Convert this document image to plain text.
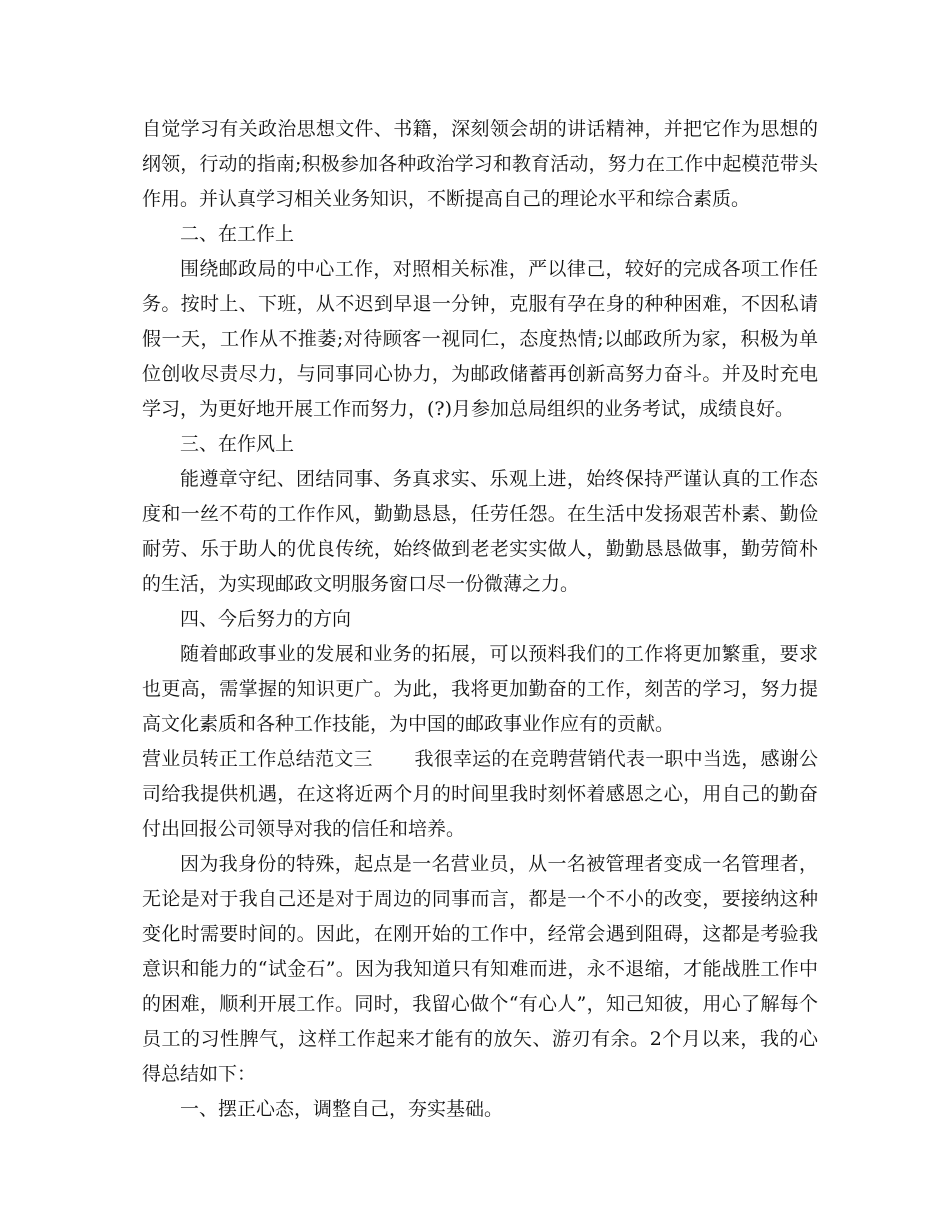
自觉学习有关政治思想文件、书籍，深刻领会胡的讲话精神，并把它作为思想的纲领，行动的指南;积极参加各种政治学习和教育活动，努力在工作中起模范带头作用。并认真学习相关业务知识，不断提高自己的理论水平和综合素质。

二、在工作上

围绕邮政局的中心工作，对照相关标准，严以律己，较好的完成各项工作任务。按时上、下班，从不迟到早退一分钟，克服有孕在身的种种困难，不因私请假一天，工作从不推萎;对待顾客一视同仁，态度热情;以邮政所为家，积极为单位创收尽责尽力，与同事同心协力，为邮政储蓄再创新高努力奋斗。并及时充电学习，为更好地开展工作而努力，(?)月参加总局组织的业务考试，成绩良好。

三、在作风上

能遵章守纪、团结同事、务真求实、乐观上进，始终保持严谨认真的工作态度和一丝不苟的工作作风，勤勤恳恳，任劳任怨。在生活中发扬艰苦朴素、勤俭耐劳、乐于助人的优良传统，始终做到老老实实做人，勤勤恳恳做事，勤劳简朴的生活，为实现邮政文明服务窗口尽一份微薄之力。

四、今后努力的方向

随着邮政事业的发展和业务的拓展，可以预料我们的工作将更加繁重，要求也更高，需掌握的知识更广。为此，我将更加勤奋的工作，刻苦的学习，努力提高文化素质和各种工作技能，为中国的邮政事业作应有的贡献。

营业员转正工作总结范文三 我很幸运的在竞聘营销代表一职中当选，感谢公司给我提供机遇，在这将近两个月的时间里我时刻怀着感恩之心，用自己的勤奋付出回报公司领导对我的信任和培养。

因为我身份的特殊，起点是一名营业员，从一名被管理者变成一名管理者，无论是对于我自己还是对于周边的同事而言，都是一个不小的改变，要接纳这种变化时需要时间的。因此，在刚开始的工作中，经常会遇到阻碍，这都是考验我意识和能力的“试金石”。因为我知道只有知难而进，永不退缩，才能战胜工作中的困难，顺利开展工作。同时，我留心做个“有心人”，知己知彼，用心了解每个员工的习性脾气，这样工作起来才能有的放矢、游刃有余。2个月以来，我的心得总结如下：

一、摆正心态，调整自己，夯实基础。
